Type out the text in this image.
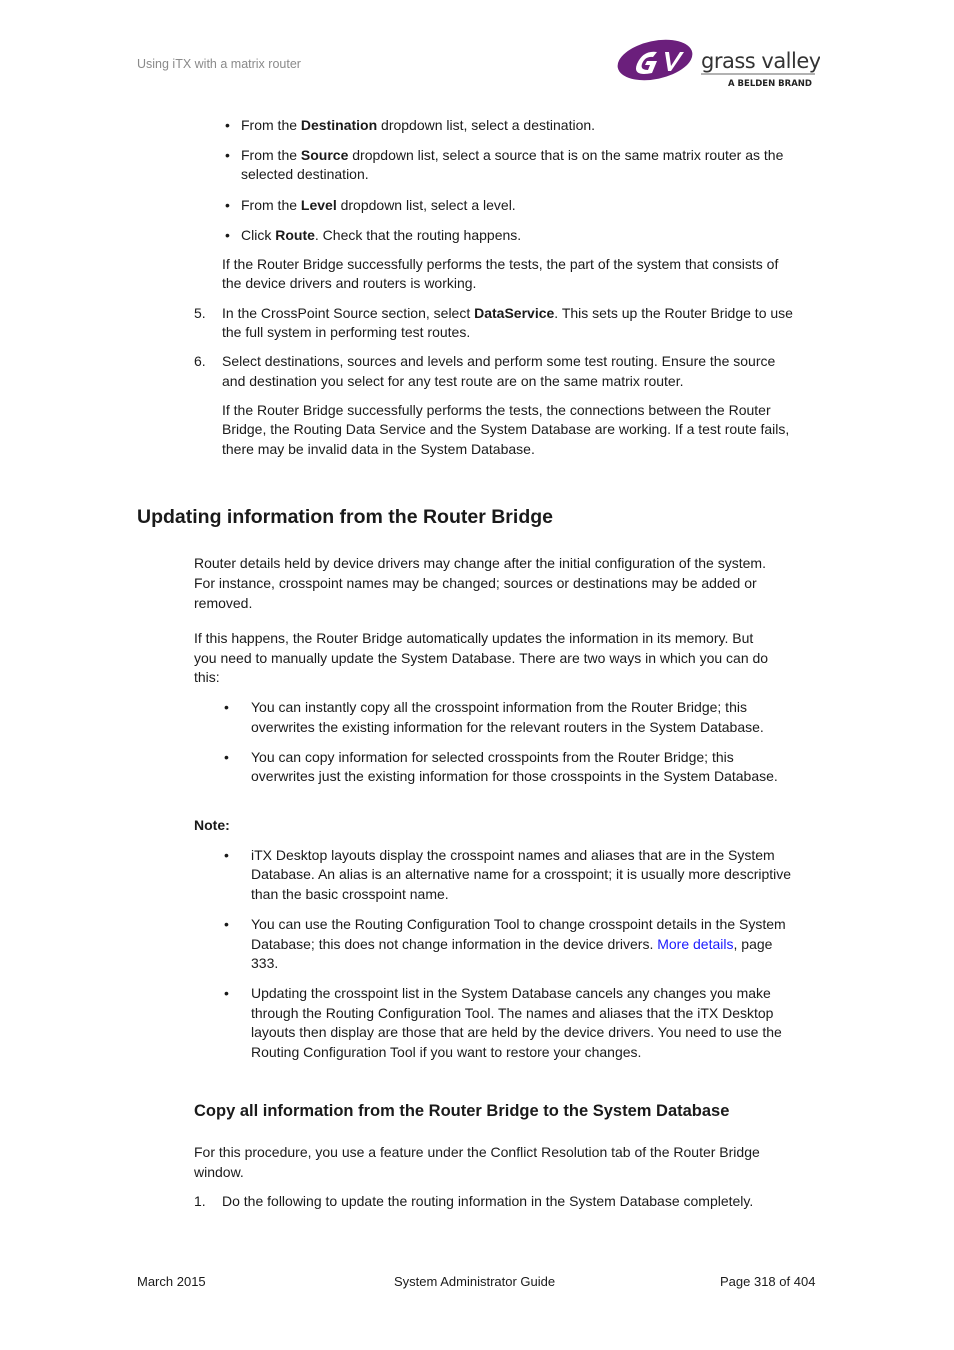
Using iTX with a matrix router	grass valley
A BELDEN BRAND
• From the Destination dropdown list, select a destination.
• From the Source dropdown list, select a source that is on the same matrix router as the
selected destination.
• From the Level dropdown list, select a level.
• Click Route. Check that the routing happens.
If the Router Bridge successfully performs the tests, the part of the system that consists of
the device drivers and routers is working.
5. In the CrossPoint Source section, select DataService. This sets up the Router Bridge to use
the full system in performing test routes.
6. Select destinations, sources and levels and perform some test routing. Ensure the source
and destination you select for any test route are on the same matrix router.
If the Router Bridge successfully performs the tests, the connections between the Router
Bridge, the Routing Data Service and the System Database are working. If a test route fails,
there may be invalid data in the System Database.
Updating information from the Router Bridge
Router details held by device drivers may change after the initial configuration of the system.
For instance, crosspoint names may be changed; sources or destinations may be added or
removed.
If this happens, the Router Bridge automatically updates the information in its memory. But
you need to manually update the System Database. There are two ways in which you can do
this:
• You can instantly copy all the crosspoint information from the Router Bridge; this
overwrites the existing information for the relevant routers in the System Database.
• You can copy information for selected crosspoints from the Router Bridge; this
overwrites just the existing information for those crosspoints in the System Database.
Note:
• iTX Desktop layouts display the crosspoint names and aliases that are in the System
Database. An alias is an alternative name for a crosspoint; it is usually more descriptive
than the basic crosspoint name.
• You can use the Routing Configuration Tool to change crosspoint details in the System
Database; this does not change information in the device drivers. More details, page
333.
• Updating the crosspoint list in the System Database cancels any changes you make
through the Routing Configuration Tool. The names and aliases that the iTX Desktop
layouts then display are those that are held by the device drivers. You need to use the
Routing Configuration Tool if you want to restore your changes.
Copy all information from the Router Bridge to the System Database
For this procedure, you use a feature under the Conflict Resolution tab of the Router Bridge
window.
1. Do the following to update the routing information in the System Database completely.
March 2015	System Administrator Guide	Page 318 of 404
